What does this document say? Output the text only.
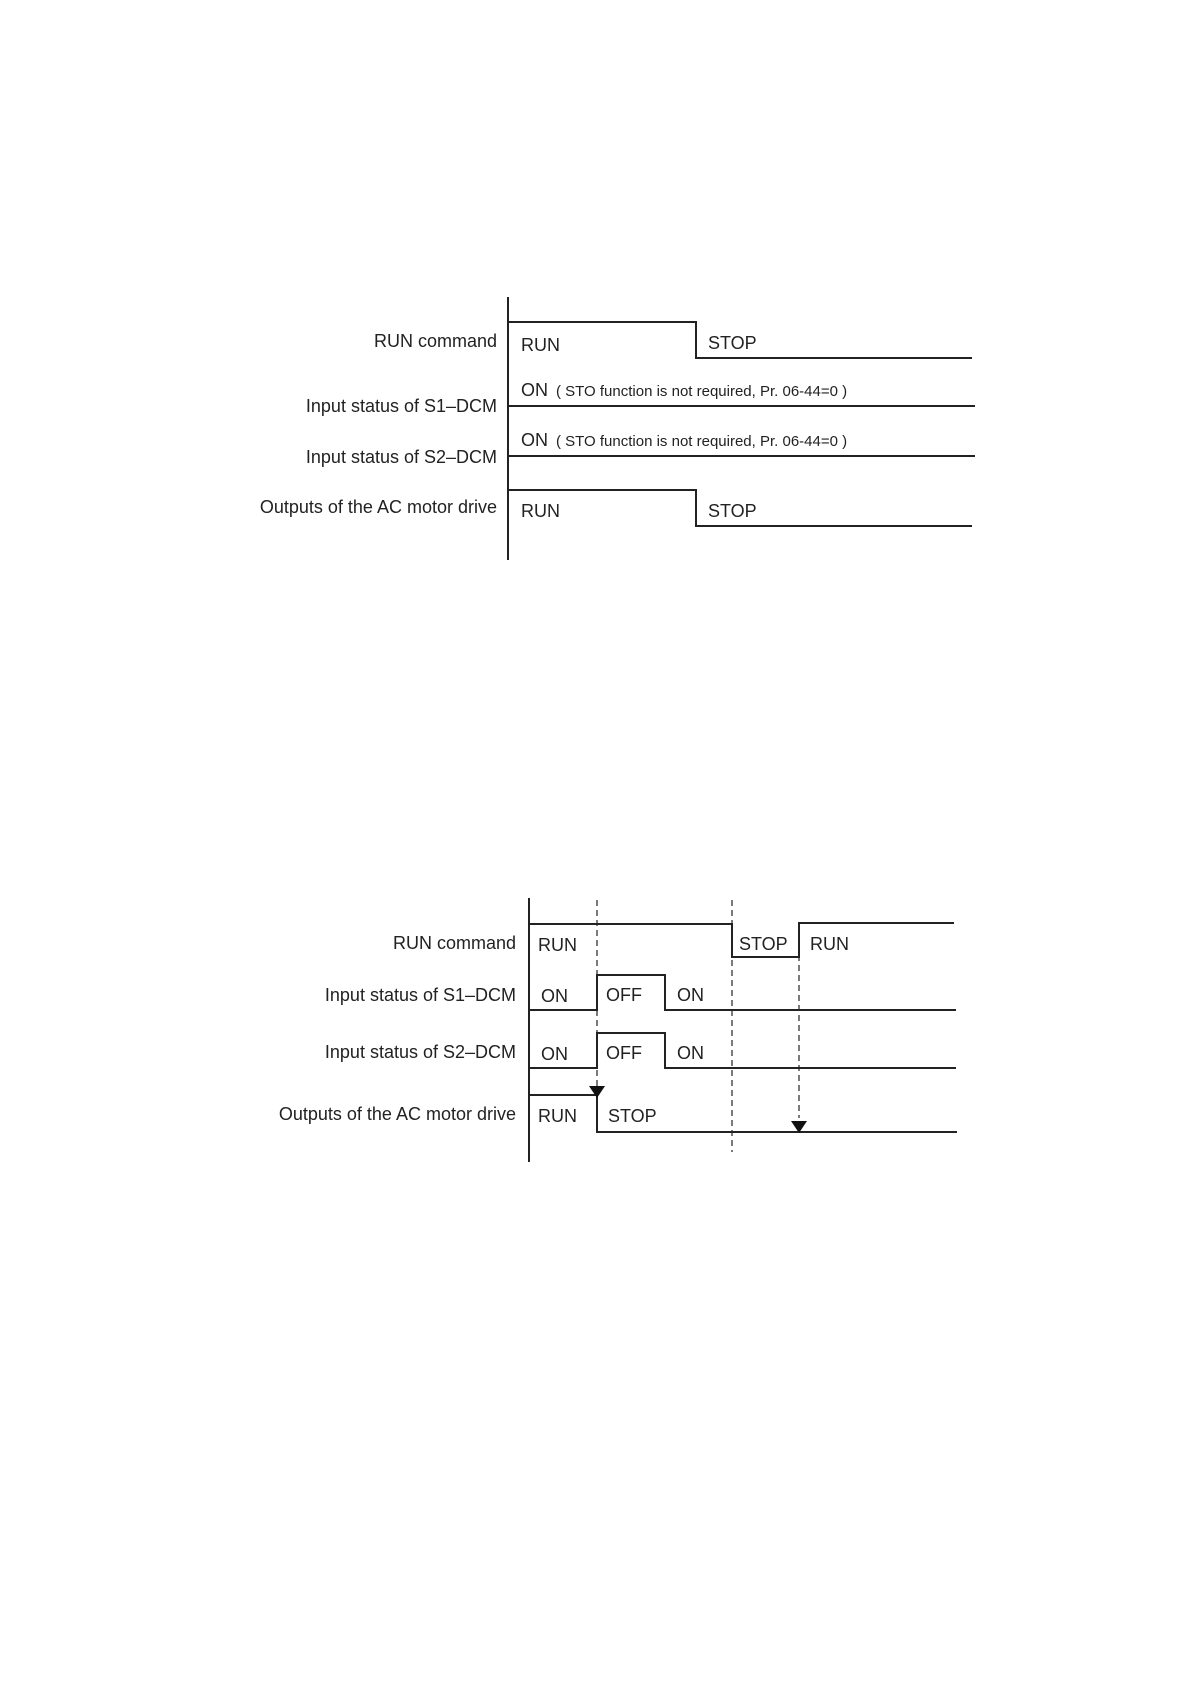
RUN command
Input status of S1–DCM
Input status of S2–DCM
Outputs of the AC motor drive
RUN	STOP
ON ( STO function is not required, Pr. 06-44=0 )
ON ( STO function is not required, Pr. 06-44=0 )
RUN	STOP
RUN command
Input status of S1–DCM
Input status of S2–DCM
Outputs of the AC motor drive
RUN	STOP RUN
ON OFF ON
ON OFF ON
RUN STOP
